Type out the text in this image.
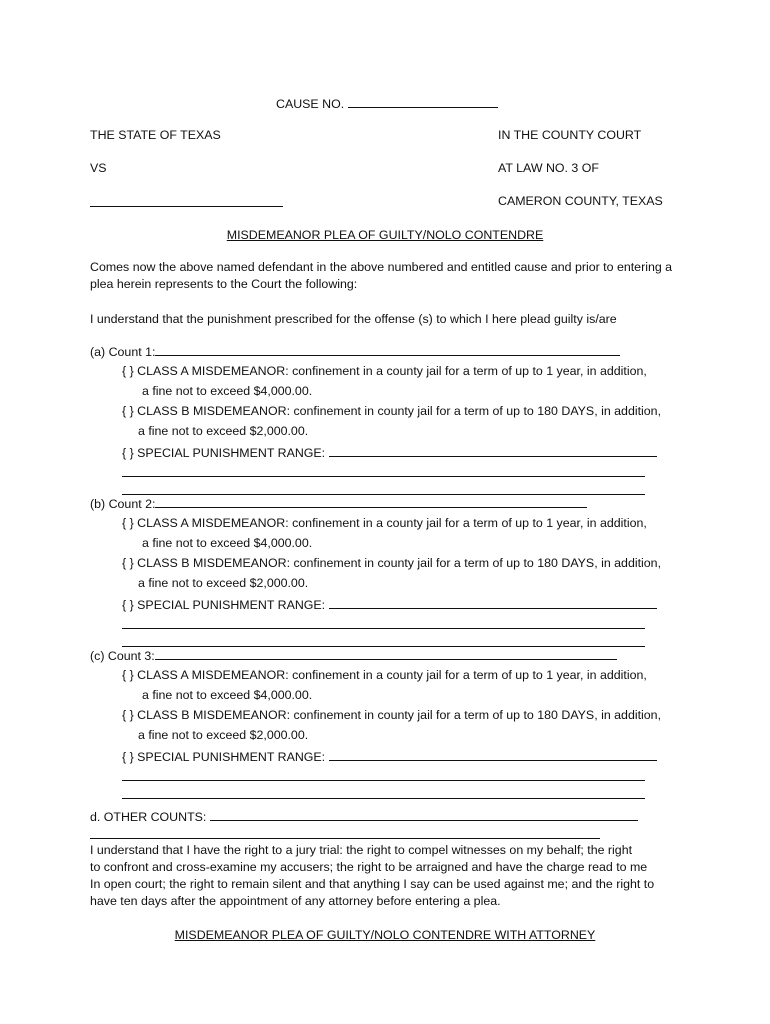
CAUSE NO.
THE STATE OF TEXAS	IN THE COUNTY COURT
VS	AT LAW NO. 3 OF
CAMERON COUNTY, TEXAS
MISDEMEANOR PLEA OF GUILTY/NOLO CONTENDRE
Comes now the above named defendant in the above numbered and entitled cause and prior to entering a plea herein represents to the Court the following:
I understand that the punishment prescribed for the offense (s) to which I here plead guilty is/are
(a) Count 1:
{ } CLASS A MISDEMEANOR: confinement in a county jail for a term of up to 1 year, in addition,
a fine not to exceed $4,000.00.
{ } CLASS B MISDEMEANOR: confinement in county jail for a term of up to 180 DAYS, in addition,
a fine not to exceed $2,000.00.
{ } SPECIAL PUNISHMENT RANGE:
(b) Count 2:
{ } CLASS A MISDEMEANOR: confinement in a county jail for a term of up to 1 year, in addition,
a fine not to exceed $4,000.00.
{ } CLASS B MISDEMEANOR: confinement in county jail for a term of up to 180 DAYS, in addition,
a fine not to exceed $2,000.00.
{ } SPECIAL PUNISHMENT RANGE:
(c) Count 3:
{ } CLASS A MISDEMEANOR: confinement in a county jail for a term of up to 1 year, in addition,
a fine not to exceed $4,000.00.
{ } CLASS B MISDEMEANOR: confinement in county jail for a term of up to 180 DAYS, in addition,
a fine not to exceed $2,000.00.
{ } SPECIAL PUNISHMENT RANGE:
d. OTHER COUNTS:
I understand that I have the right to a jury trial: the right to compel witnesses on my behalf; the right
to confront and cross-examine my accusers; the right to be arraigned and have the charge read to me
In open court; the right to remain silent and that anything I say can be used against me; and the right to
have ten days after the appointment of any attorney before entering a plea.
MISDEMEANOR PLEA OF GUILTY/NOLO CONTENDRE WITH ATTORNEY
